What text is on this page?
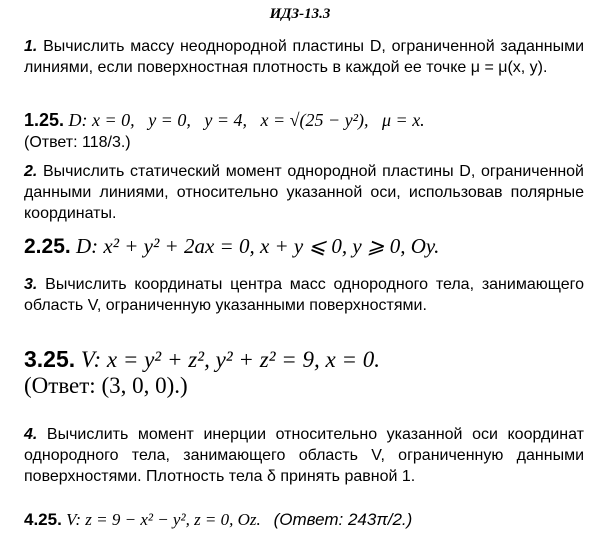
ИДЗ-13.3
1. Вычислить массу неоднородной пластины D, ограниченной заданными линиями, если поверхностная плотность в каждой ее точке μ = μ(x, y).
1.25. D: x = 0, y = 0, y = 4, x = √(25 − y²), μ = x.
(Ответ: 118/3.)
2. Вычислить статический момент однородной пластины D, ограниченной данными линиями, относительно указанной оси, использовав полярные координаты.
2.25. D: x² + y² + 2ax = 0, x + y ⩽ 0, y ⩾ 0, Oy.
3. Вычислить координаты центра масс однородного тела, занимающего область V, ограниченную указанными поверхностями.
3.25. V: x = y² + z², y² + z² = 9, x = 0.
(Ответ: (3, 0, 0).)
4. Вычислить момент инерции относительно указанной оси координат однородного тела, занимающего область V, ограниченную данными поверхностями. Плотность тела δ принять равной 1.
4.25. V: z = 9 − x² − y², z = 0, Oz. (Ответ: 243π/2.)
